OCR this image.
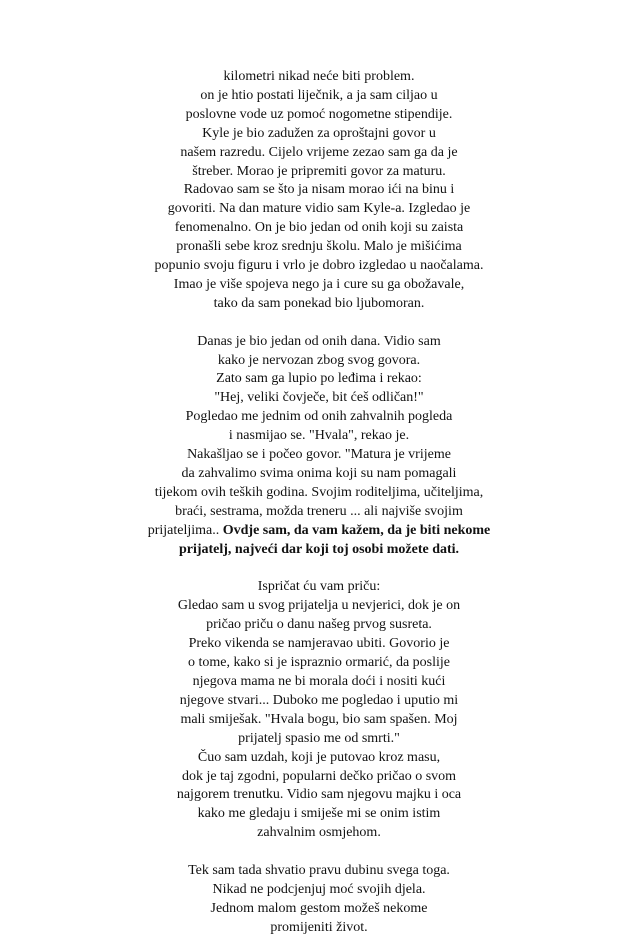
kilometri nikad neće biti problem.
on je htio postati liječnik, a ja sam ciljao u
poslovne vode uz pomoć nogometne stipendije.
Kyle je bio zadužen za oproštajni govor u
našem razredu. Cijelo vrijeme zezao sam ga da je
štreber. Morao je pripremiti govor za maturu.
Radovao sam se što ja nisam morao ići na binu i
govoriti. Na dan mature vidio sam Kyle-a. Izgledao je
fenomenalno. On je bio jedan od onih koji su zaista
pronašli sebe kroz srednju školu. Malo je mišićima
popunio svoju figuru i vrlo je dobro izgledao u naočalama.
Imao je više spojeva nego ja i cure su ga obožavale,
tako da sam ponekad bio ljubomoran.
Danas je bio jedan od onih dana. Vidio sam
kako je nervozan zbog svog govora.
Zato sam ga lupio po leđima i rekao:
"Hej, veliki čovječe, bit ćeš odličan!"
Pogledao me jednim od onih zahvalnih pogleda
i nasmijao se. "Hvala", rekao je.
Nakašljao se i počeo govor. "Matura je vrijeme
da zahvalimo svima onima koji su nam pomagali
tijekom ovih teških godina. Svojim roditeljima, učiteljima,
braći, sestrama, možda treneru ... ali najviše svojim
prijateljima.. Ovdje sam, da vam kažem, da je biti nekome
prijatelj, najveći dar koji toj osobi možete dati.
Ispričat ću vam priču:
Gledao sam u svog prijatelja u nevjerici, dok je on
pričao priču o danu našeg prvog susreta.
Preko vikenda se namjeravao ubiti. Govorio je
o tome, kako si je ispraznio ormarić, da poslije
njegova mama ne bi morala doći i nositi kući
njegove stvari... Duboko me pogledao i uputio mi
mali smiješak. "Hvala bogu, bio sam spašen. Moj
prijatelj spasio me od smrti."
Čuo sam uzdah, koji je putovao kroz masu,
dok je taj zgodni, popularni dečko pričao o svom
najgorem trenutku. Vidio sam njegovu majku i oca
kako me gledaju i smiješe mi se onim istim
zahvalnim osmjehom.
Tek sam tada shvatio pravu dubinu svega toga.
Nikad ne podcjenjuj moć svojih djela.
Jednom malom gestom možeš nekome
promijeniti život.
